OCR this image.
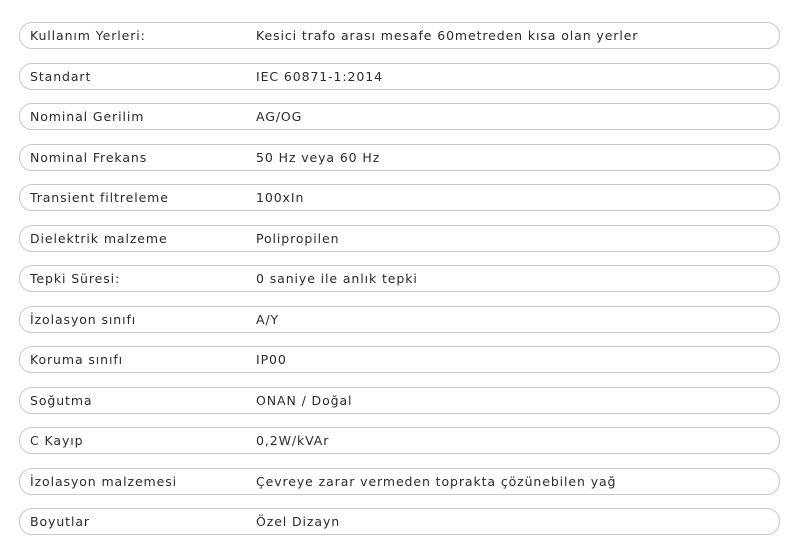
Kullanım Yerleri:	Kesici trafo arası mesafe 60metreden kısa olan yerler
Standart	IEC 60871-1:2014
Nominal Gerilim	AG/OG
Nominal Frekans	50 Hz veya 60 Hz
Transient filtreleme	100xIn
Dielektrik malzeme	Polipropilen
Tepki Süresi:	0 saniye ile anlık tepki
İzolasyon sınıfı	A/Y
Koruma sınıfı	IP00
Soğutma	ONAN / Doğal
C Kayıp	0,2W/kVAr
İzolasyon malzemesi	Çevreye zarar vermeden toprakta çözünebilen yağ
Boyutlar	Özel Dizayn
